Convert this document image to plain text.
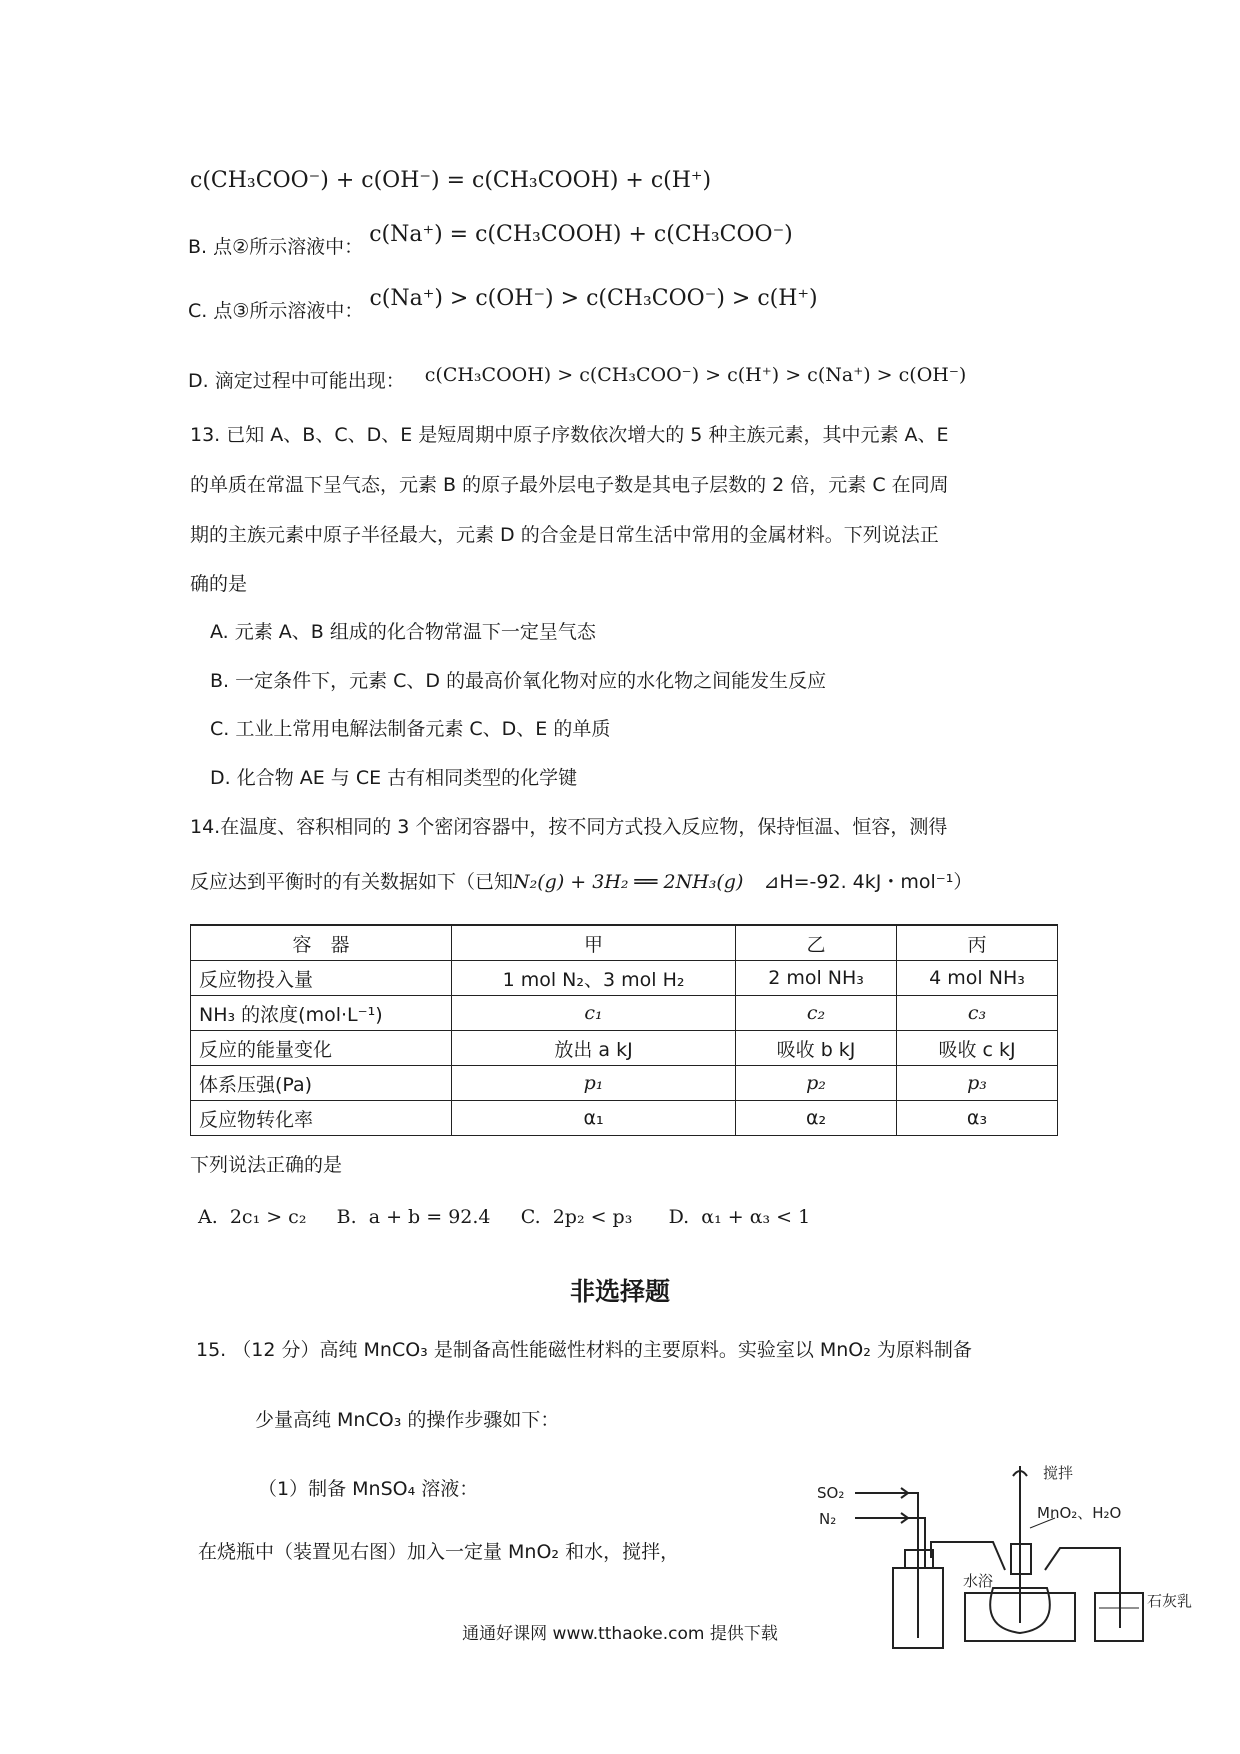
c(CH₃COO⁻) + c(OH⁻) = c(CH₃COOH) + c(H⁺)
B. 点②所示溶液中： c(Na⁺) = c(CH₃COOH) + c(CH₃COO⁻)
C. 点③所示溶液中： c(Na⁺) > c(OH⁻) > c(CH₃COO⁻) > c(H⁺)
D. 滴定过程中可能出现： c(CH₃COOH) > c(CH₃COO⁻) > c(H⁺) > c(Na⁺) > c(OH⁻)
13. 已知 A、B、C、D、E 是短周期中原子序数依次增大的 5 种主族元素，其中元素 A、E
的单质在常温下呈气态，元素 B 的原子最外层电子数是其电子层数的 2 倍，元素 C 在同周
期的主族元素中原子半径最大，元素 D 的合金是日常生活中常用的金属材料。下列说法正
确的是
A. 元素 A、B 组成的化合物常温下一定呈气态
B. 一定条件下，元素 C、D 的最高价氧化物对应的水化物之间能发生反应
C. 工业上常用电解法制备元素 C、D、E 的单质
D. 化合物 AE 与 CE 古有相同类型的化学键
14.在温度、容积相同的 3 个密闭容器中，按不同方式投入反应物，保持恒温、恒容，测得
反应达到平衡时的有关数据如下（已知N₂(g) + 3H₂ ══ 2NH₃(g) ⊿H=-92. 4kJ・mol⁻¹）
容　器	甲	乙	丙
反应物投入量	1 mol N₂、3 mol H₂	2 mol NH₃	4 mol NH₃
NH₃ 的浓度(mol·L⁻¹)	c₁	c₂	c₃
反应的能量变化	放出 a kJ	吸收 b kJ	吸收 c kJ
体系压强(Pa)	p₁	p₂	p₃
反应物转化率	α₁	α₂	α₃
下列说法正确的是
A.  2c₁ > c₂     B.  a + b = 92.4     C.  2p₂ < p₃      D.  α₁ + α₃ < 1
非选择题
15. （12 分）高纯 MnCO₃ 是制备高性能磁性材料的主要原料。实验室以 MnO₂ 为原料制备
少量高纯 MnCO₃ 的操作步骤如下：
（1）制备 MnSO₄ 溶液：
在烧瓶中（装置见右图）加入一定量 MnO₂ 和水，搅拌，
搅拌
SO₂
N₂	MnO₂、H₂O
水浴
石灰乳
通通好课网 www.tthaoke.com 提供下载
